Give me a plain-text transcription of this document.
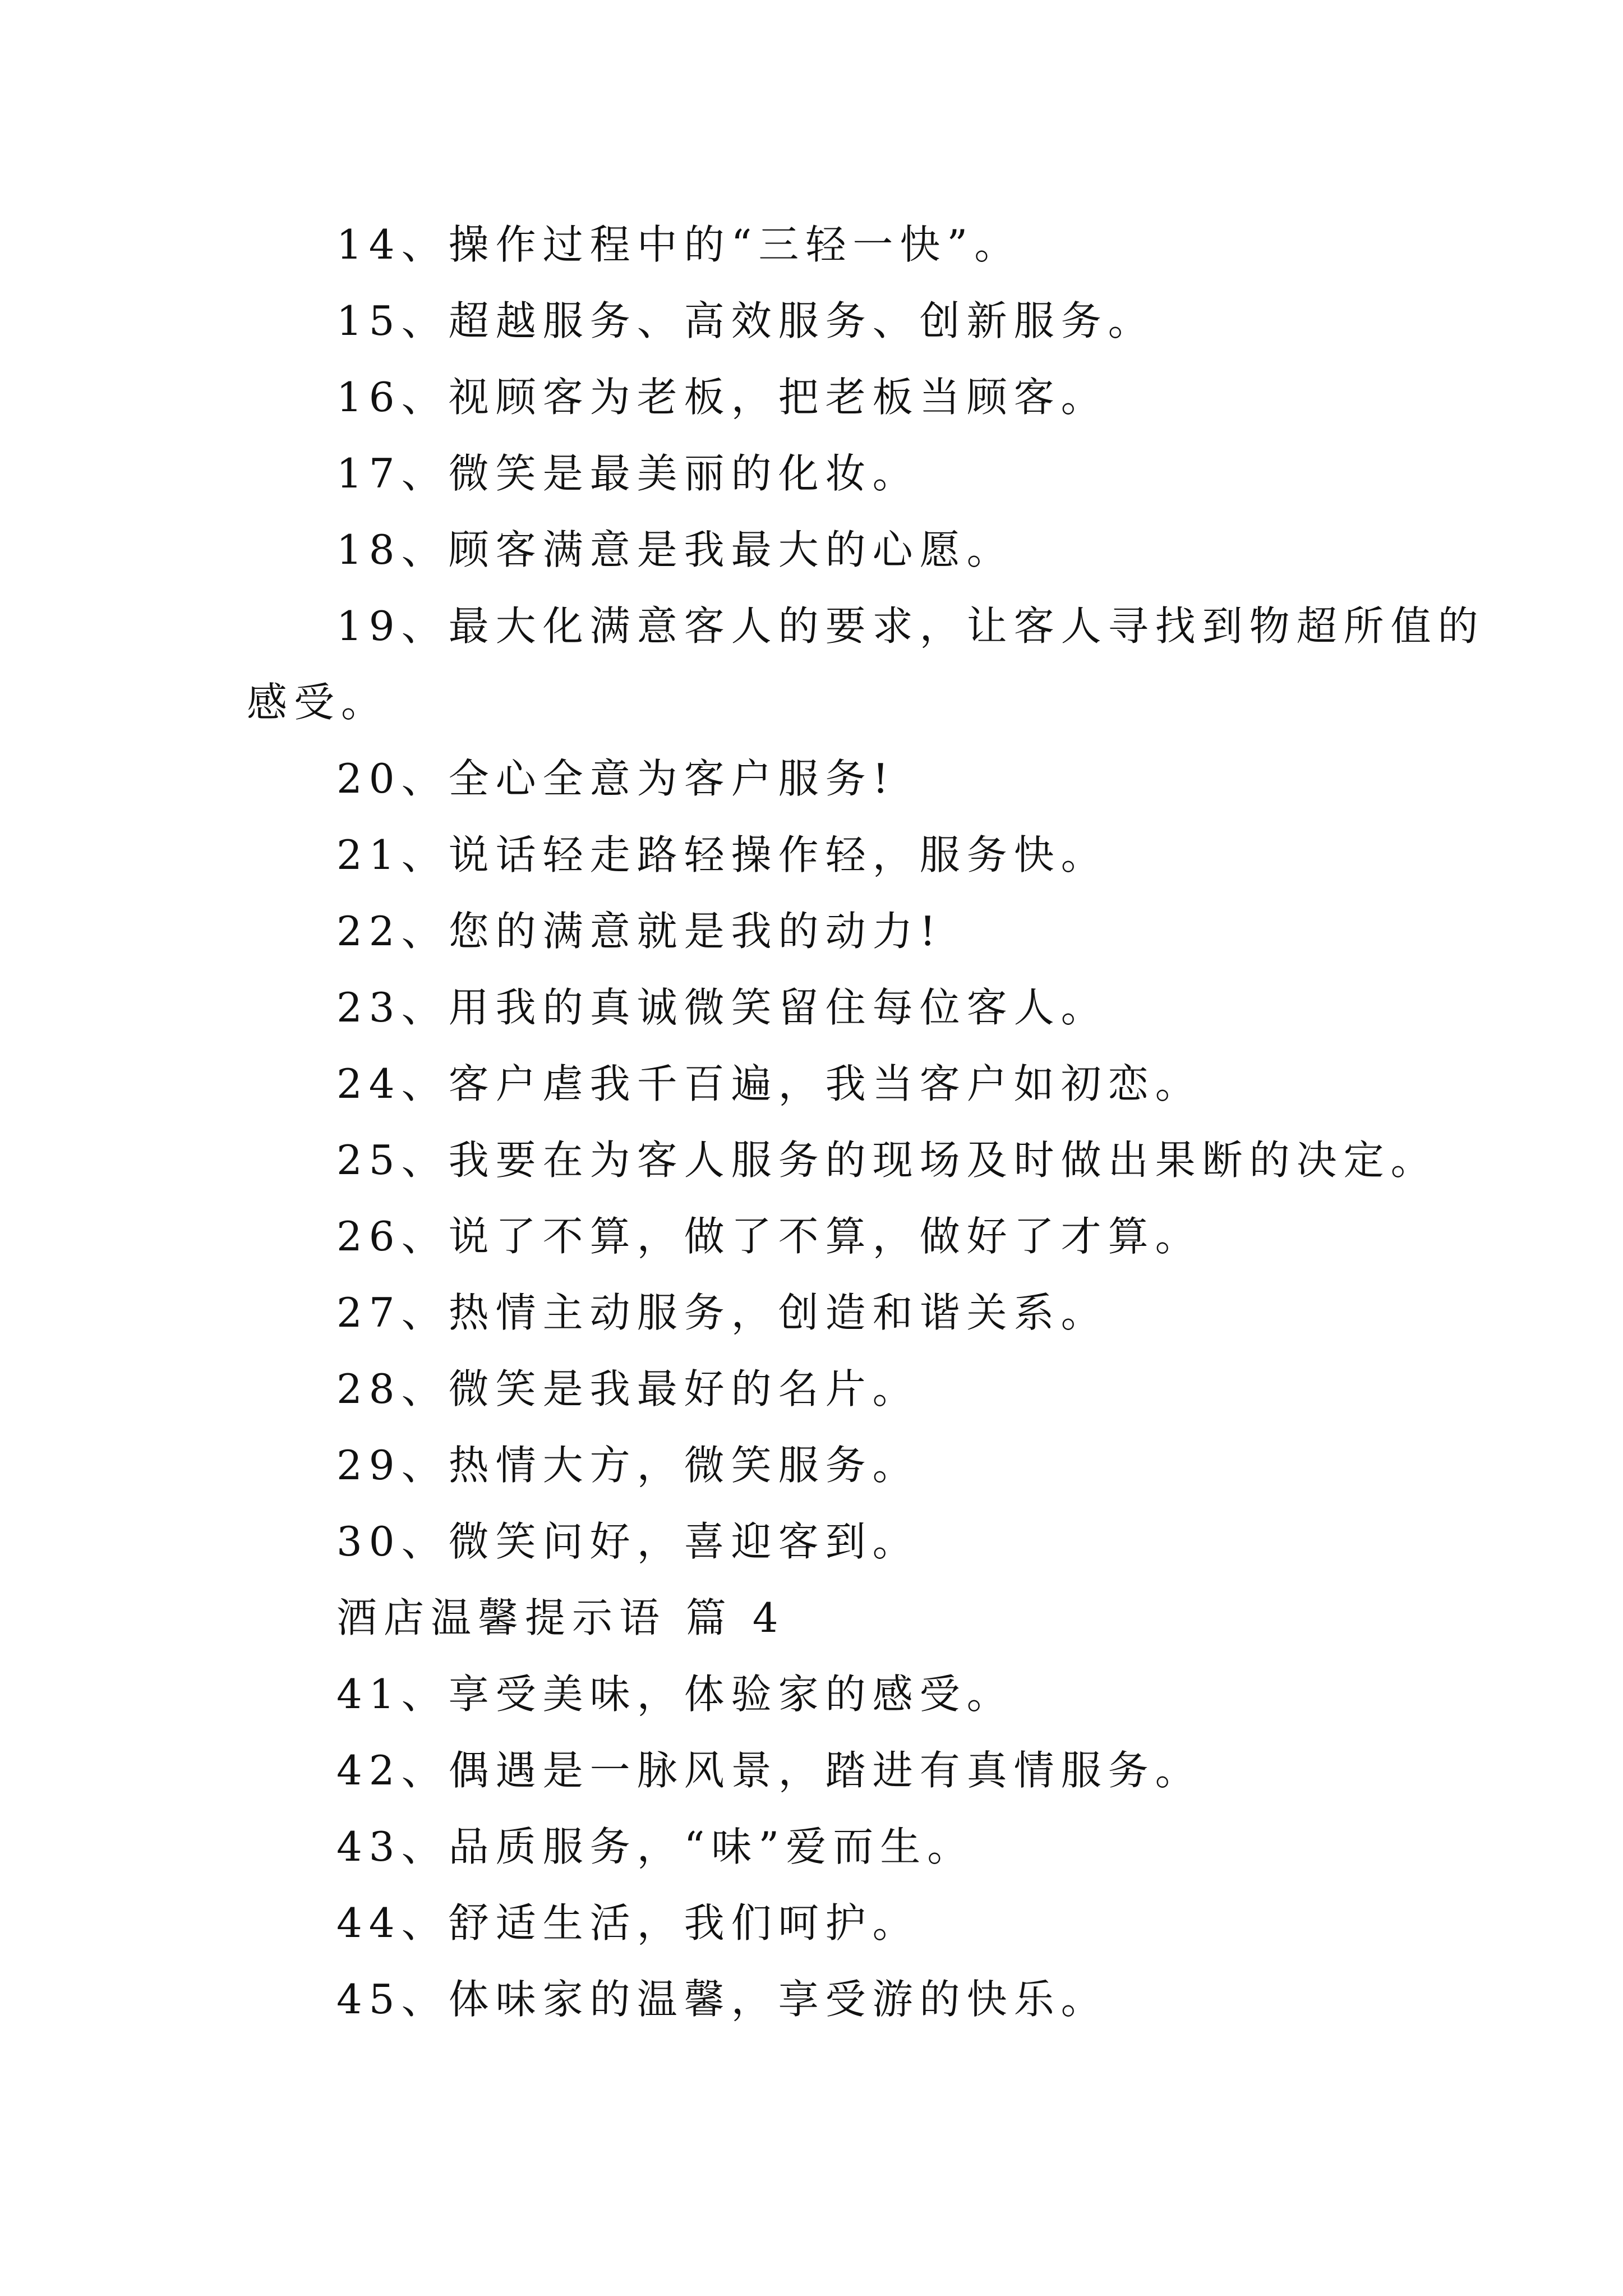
14、操作过程中的“三轻一快”。
15、超越服务、高效服务、创新服务。
16、视顾客为老板，把老板当顾客。
17、微笑是最美丽的化妆。
18、顾客满意是我最大的心愿。
19、最大化满意客人的要求，让客人寻找到物超所值的
感受。
20、全心全意为客户服务!
21、说话轻走路轻操作轻，服务快。
22、您的满意就是我的动力!
23、用我的真诚微笑留住每位客人。
24、客户虐我千百遍，我当客户如初恋。
25、我要在为客人服务的现场及时做出果断的决定。
26、说了不算，做了不算，做好了才算。
27、热情主动服务，创造和谐关系。
28、微笑是我最好的名片。
29、热情大方，微笑服务。
30、微笑问好，喜迎客到。
酒店温馨提示语 篇 4
41、享受美味，体验家的感受。
42、偶遇是一脉风景，踏进有真情服务。
43、品质服务，“味”爱而生。
44、舒适生活，我们呵护。
45、体味家的温馨，享受游的快乐。
